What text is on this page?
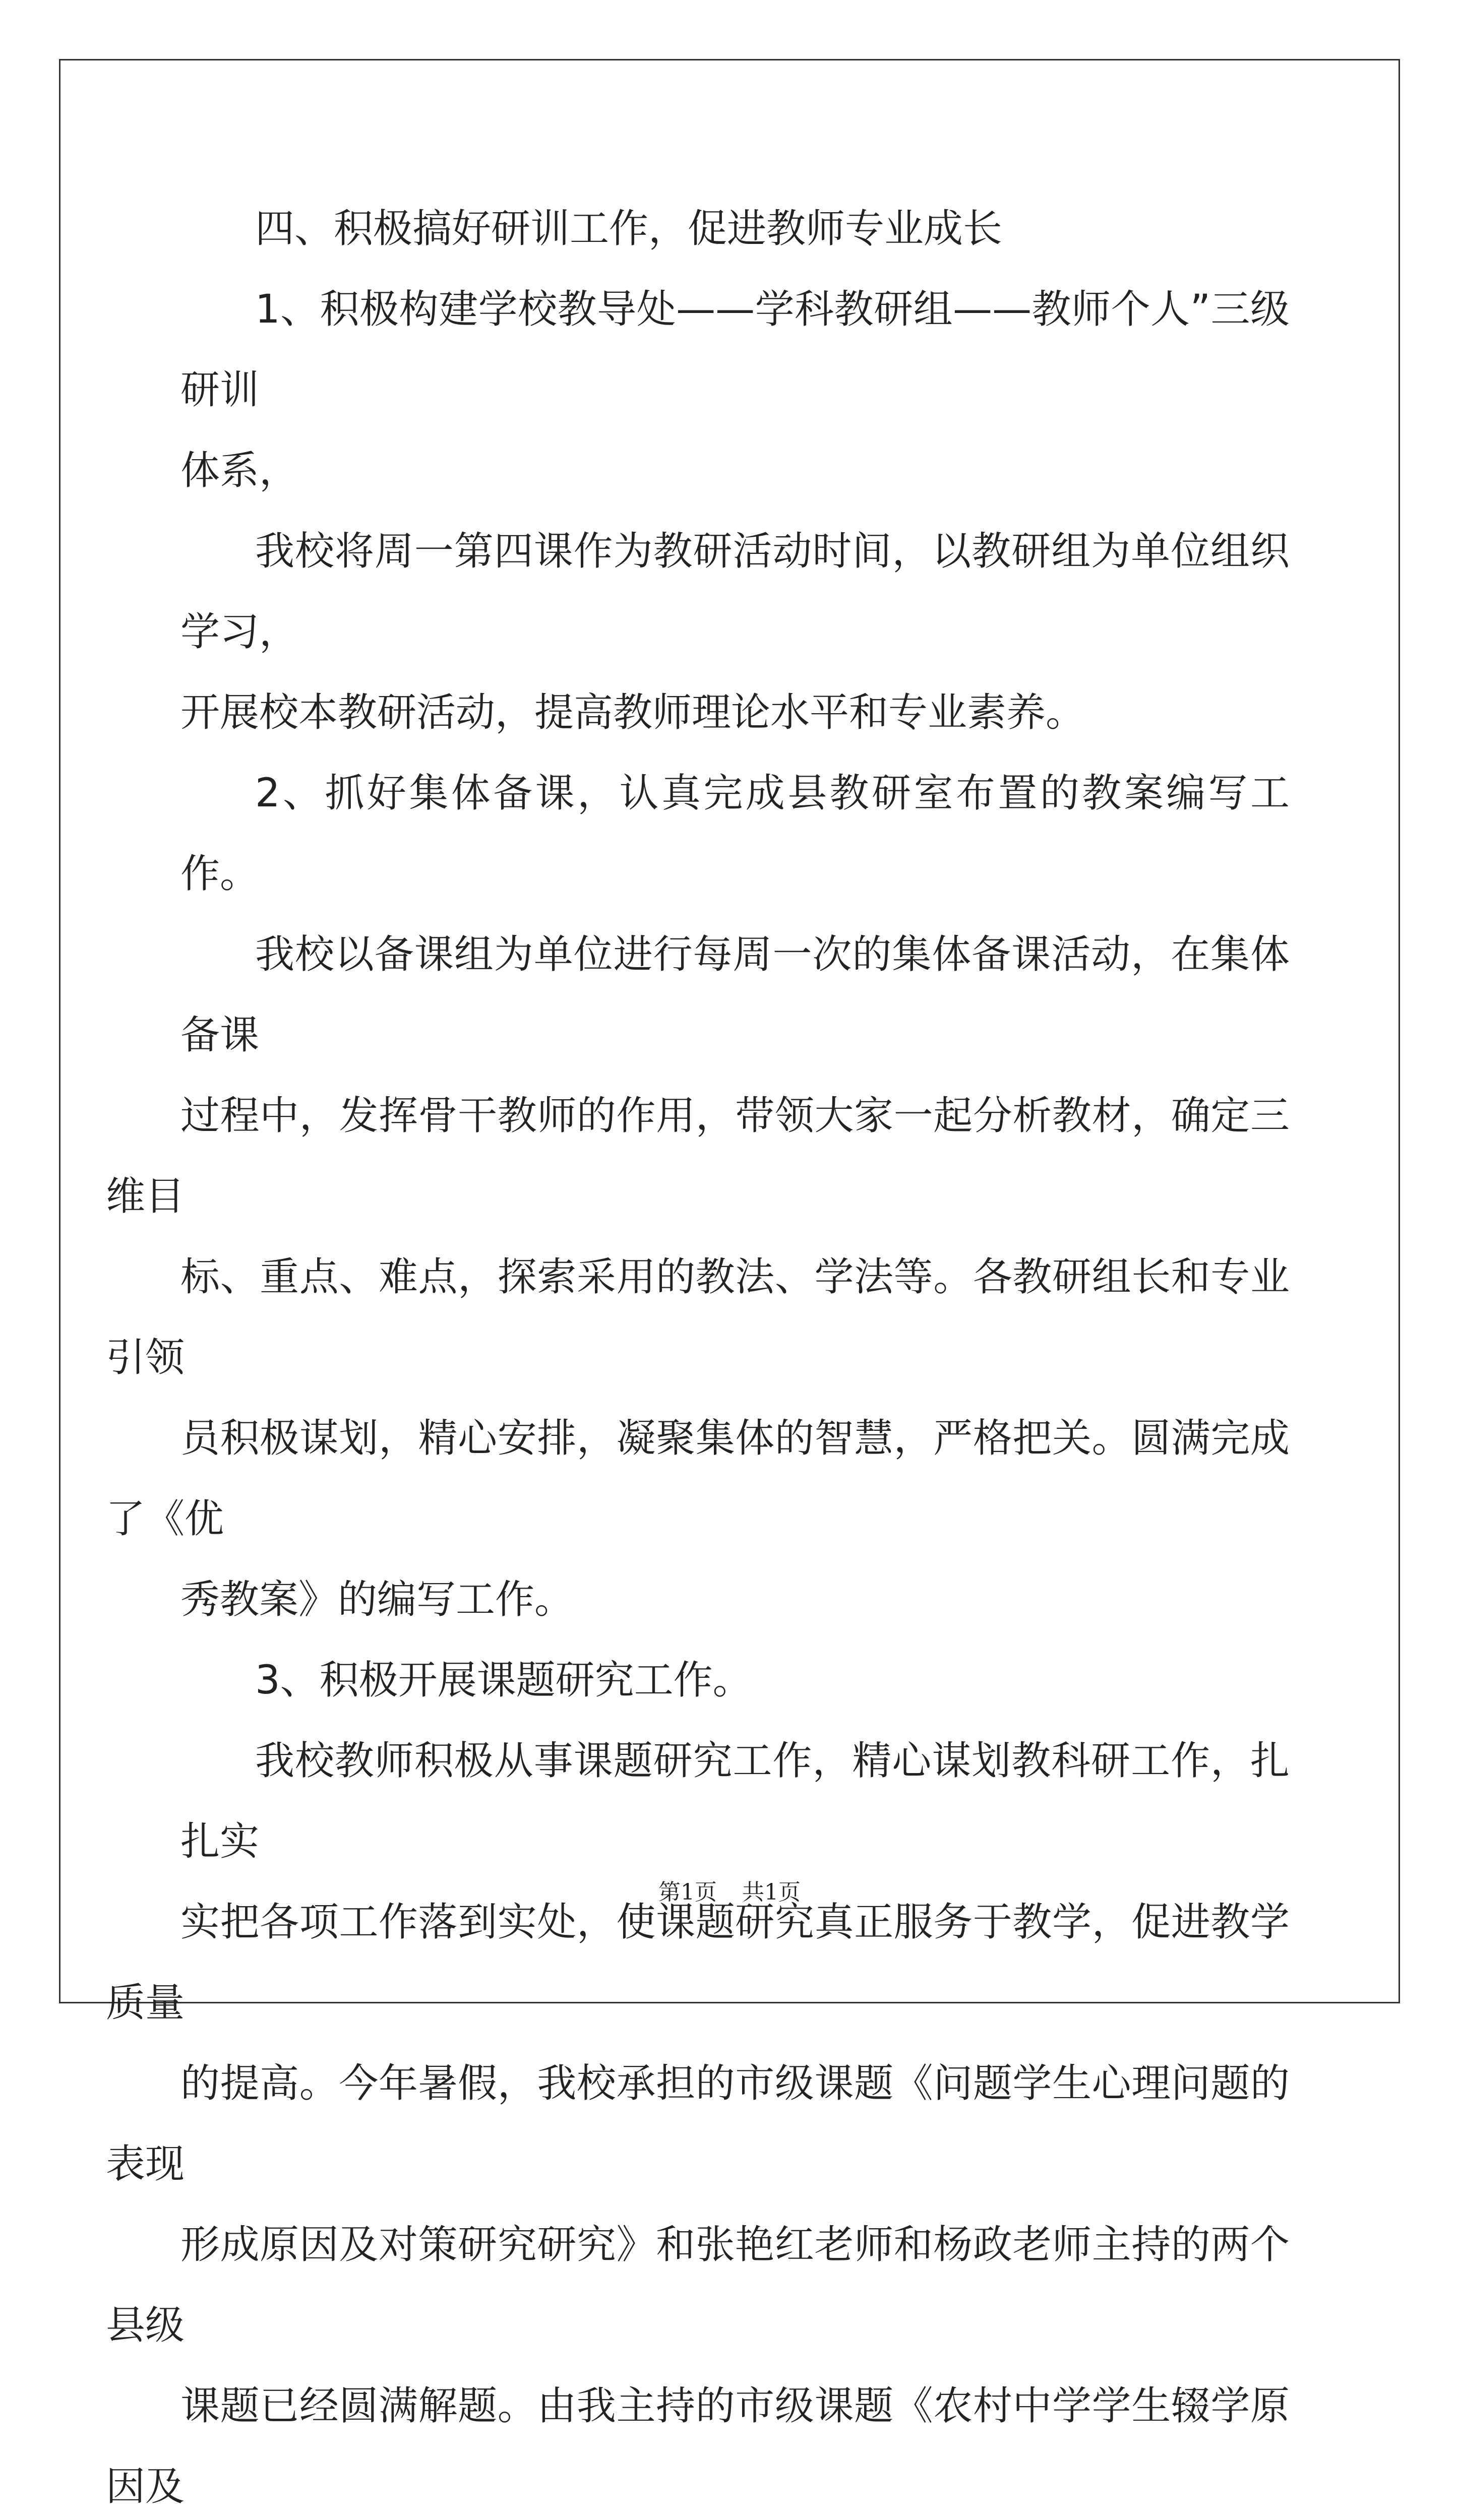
四、积极搞好研训工作，促进教师专业成长

1、积极构建学校教导处——学科教研组——教师个人”三级研训
体系，

我校将周一第四课作为教研活动时间，以教研组为单位组织学习，
开展校本教研活动，提高教师理论水平和专业素养。

2、抓好集体备课，认真完成县教研室布置的教案编写工作。

我校以备课组为单位进行每周一次的集体备课活动，在集体备课
过程中，发挥骨干教师的作用，带领大家一起分析教材，确定三维目
标、重点、难点，探索采用的教法、学法等。各教研组长和专业引领
员积极谋划，精心安排，凝聚集体的智慧，严格把关。圆满完成了《优
秀教案》的编写工作。

3、积极开展课题研究工作。

我校教师积极从事课题研究工作，精心谋划教科研工作，扎扎实
实把各项工作落到实处，使课题研究真正服务于教学，促进教学质量
的提高。今年暑假，我校承担的市级课题《问题学生心理问题的表现
形成原因及对策研究研究》和张艳红老师和杨政老师主持的两个县级
课题已经圆满解题。由我主持的市级课题《农村中学学生辍学原因及

第1页 共1页
